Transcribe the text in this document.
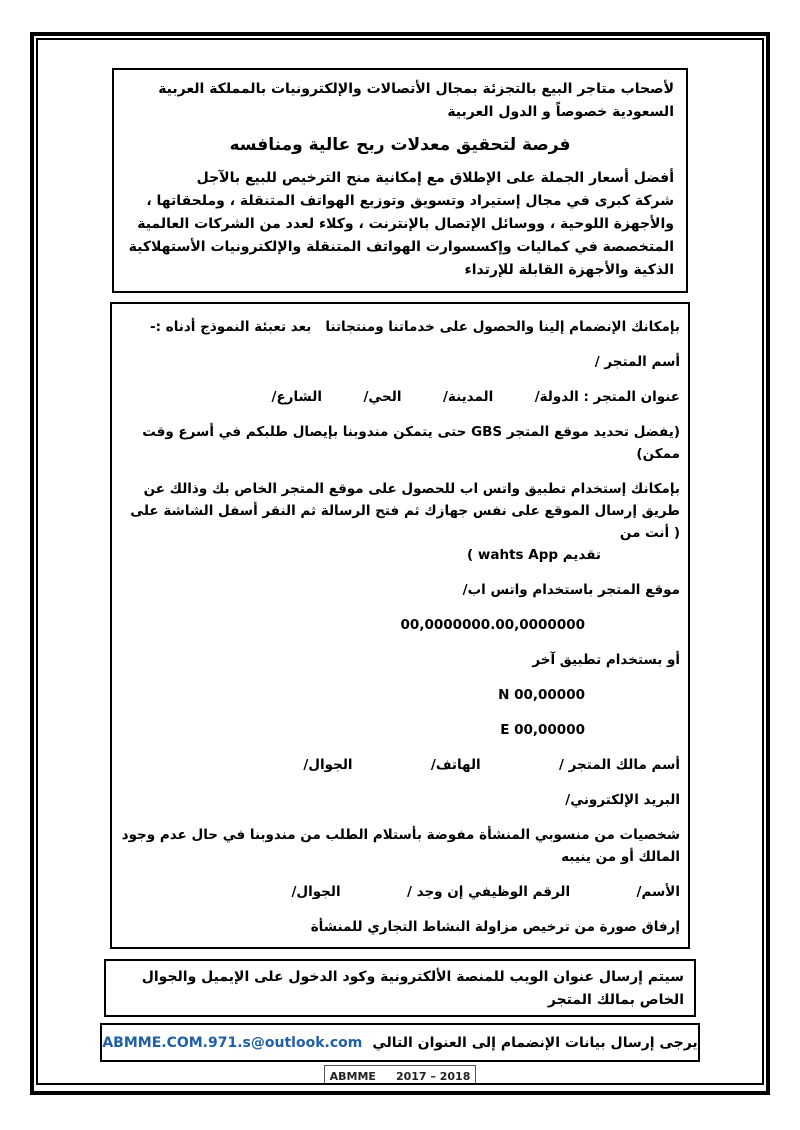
لأصحاب متاجر البيع بالتجزئة بمجال الأتصالات والإلكترونيات بالمملكة العربية السعودية خصوصاً و الدول العربية
فرصة لتحقيق معدلات ربح عالية ومنافسه
أفضل أسعار الجملة على الإطلاق مع إمكانية منح الترخيص للبيع بالآجل
شركة كبرى في مجال إستيراد وتسويق وتوزيع الهواتف المتنقلة ، وملحقاتها ، والأجهزة اللوحية ، ووسائل الإتصال بالإنترنت ، وكلاء لعدد من الشركات العالمية المتخصصة في كماليات وإكسسوارت الهواتف المتنقلة والإلكترونيات الأستهلاكية الذكية والأجهزة القابلة للإرتداء
بإمكانك الإنضمام إلينا والحصول على خدماتنا ومنتجاتنا   بعد تعبئة النموذج أدناه :-
أسم المتجر /
عنوان المتجر : الدولة/
المدينة/
الحي/
الشارع/
(يفضل تحديد موقع المتجر GBS حتى يتمكن مندوبنا بإيصال طلبكم في أسرع وقت ممكن)
بإمكانك إستخدام تطبيق واتس اب للحصول على موقع المتجر الخاص بك وذالك عن طريق إرسال الموقع على نفس جهازك ثم فتح الرسالة ثم النقر أسفل الشاشة على ( أنت من
تقديم wahts App )
موقع المتجر باستخدام واتس اب/
00,0000000.00,0000000
أو بستخدام تطبيق آخر
N 00,00000
E 00,00000
أسم مالك المتجر /
الهاتف/
الجوال/
البريد الإلكتروني/
شخصيات من منسوبي المنشأة مفوضة بأستلام الطلب من مندوبنا في حال عدم وجود المالك أو من ينيبه
الأسم/
الرقم الوظيفي إن وجد /
الجوال/
إرفاق صورة من ترخيص مزاولة النشاط التجاري للمنشأة
سيتم إرسال عنوان الويب للمنصة الألكترونية وكود الدخول على الإيميل والجوال الخاص بمالك المتجر
يرجى إرسال بيانات الإنضمام إلى العنوان التالي
ABMME.COM.971.s@outlook.com
ABMME 2017 – 2018
